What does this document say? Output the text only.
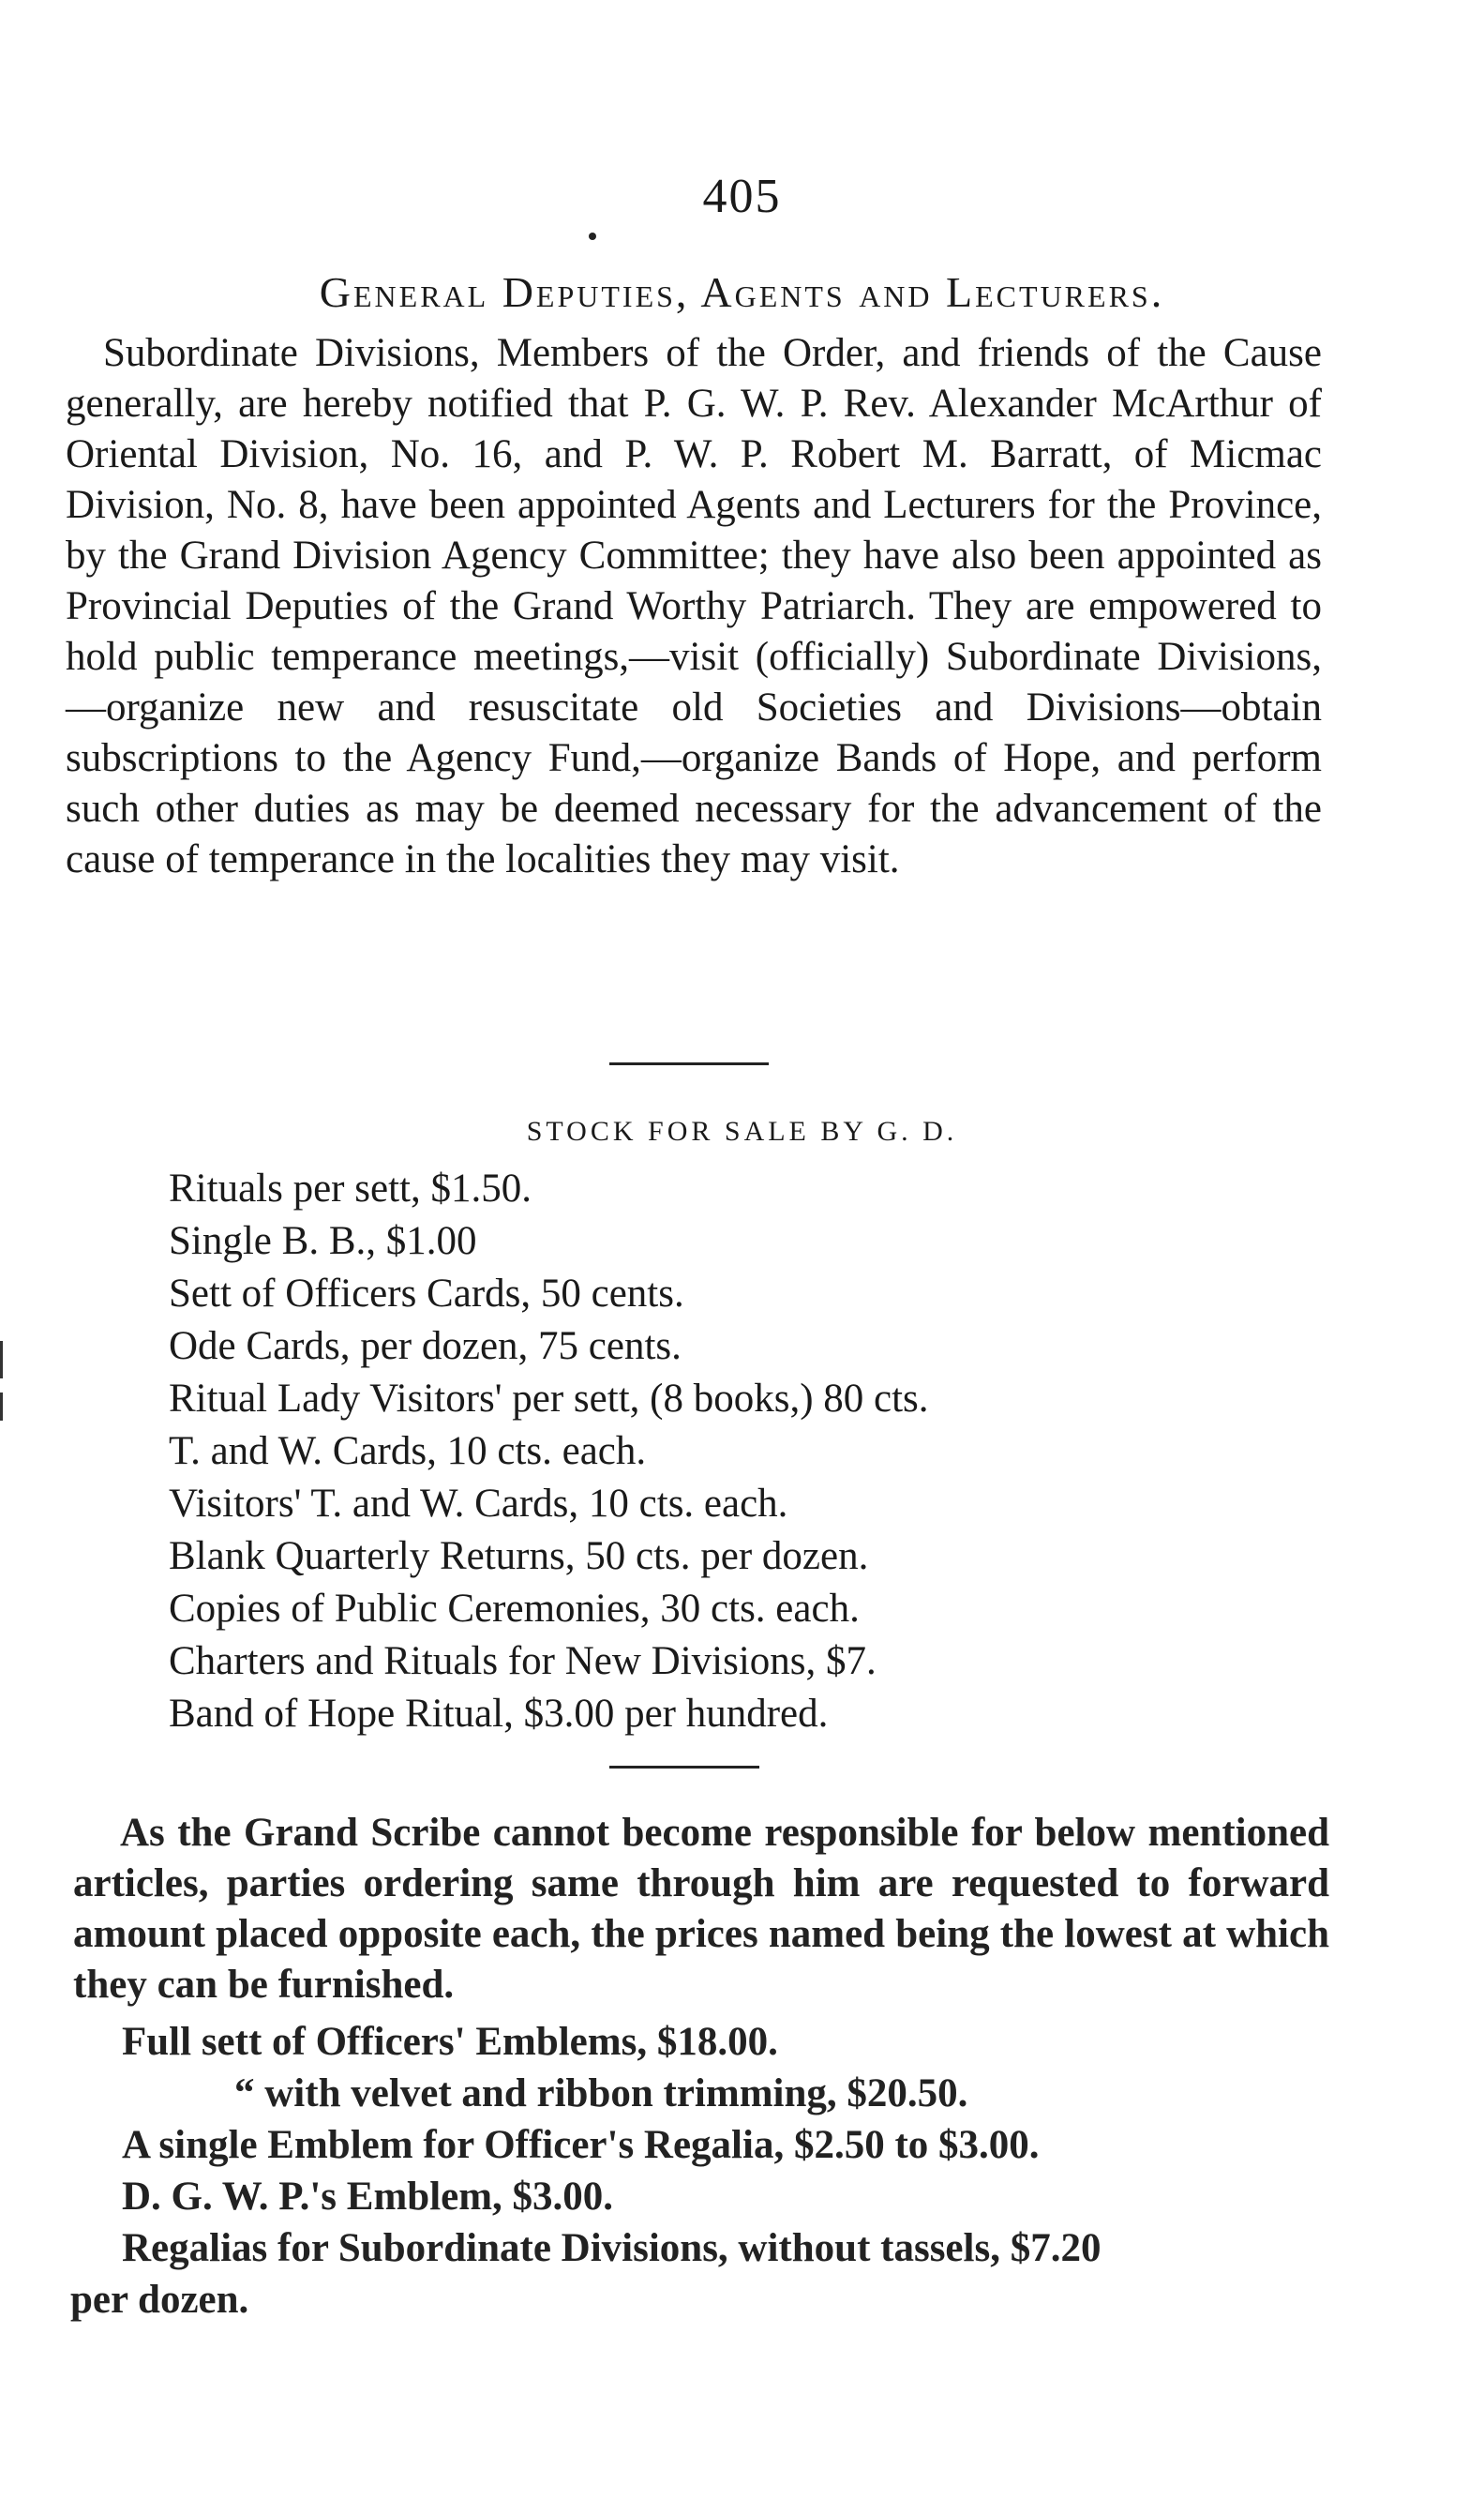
405
General Deputies, Agents and Lecturers.

Subordinate Divisions, Members of the Order, and friends of the Cause generally, are hereby notified that P. G. W. P. Rev. Alexander McArthur of Oriental Division, No. 16, and P. W. P. Robert M. Barratt, of Micmac Division, No. 8, have been appointed Agents and Lecturers for the Province, by the Grand Division Agency Committee; they have also been appointed as Provincial Deputies of the Grand Worthy Patriarch. They are empowered to hold public temperance meetings,—visit (officially) Subordinate Divisions,—organize new and resuscitate old Societies and Divisions—obtain subscriptions to the Agency Fund,—organize Bands of Hope, and perform such other duties as may be deemed necessary for the advancement of the cause of temperance in the localities they may visit.

STOCK FOR SALE BY G. D.
Rituals per sett, $1.50.
Single B. B., $1.00
Sett of Officers Cards, 50 cents.
Ode Cards, per dozen, 75 cents.
Ritual Lady Visitors' per sett, (8 books,) 80 cts.
T. and W. Cards, 10 cts. each.
Visitors' T. and W. Cards, 10 cts. each.
Blank Quarterly Returns, 50 cts. per dozen.
Copies of Public Ceremonies, 30 cts. each.
Charters and Rituals for New Divisions, $7.
Band of Hope Ritual, $3.00 per hundred.

As the Grand Scribe cannot become responsible for below mentioned articles, parties ordering same through him are requested to forward amount placed opposite each, the prices named being the lowest at which they can be furnished.

Full sett of Officers' Emblems, $18.00.
“ with velvet and ribbon trimming, $20.50.
A single Emblem for Officer's Regalia, $2.50 to $3.00.
D. G. W. P.'s Emblem, $3.00.
Regalias for Subordinate Divisions, without tassels, $7.20
per dozen.
